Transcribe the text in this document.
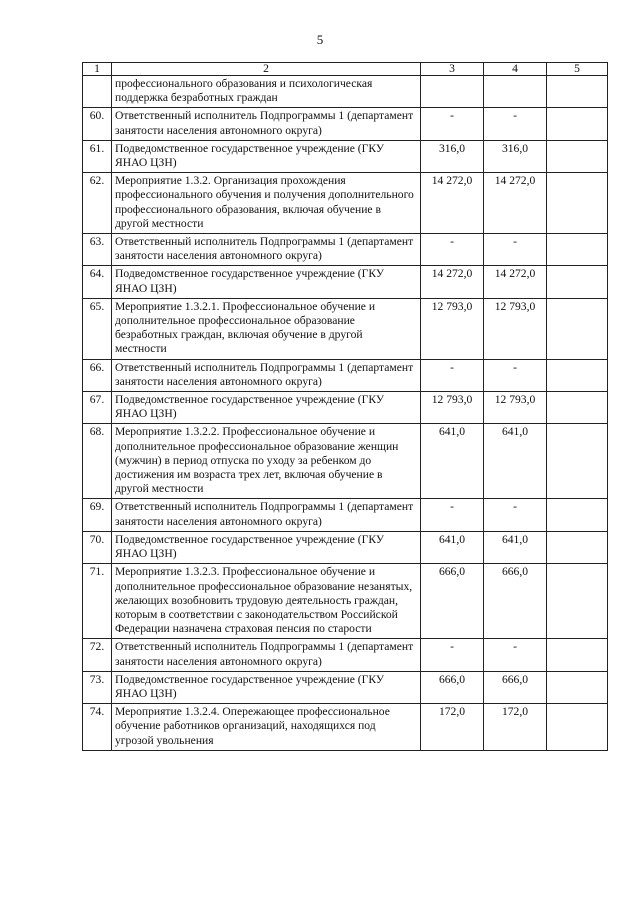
5
1	2	3	4	5
	профессионального образования и психологическая поддержка безработных граждан			
60.	Ответственный исполнитель Подпрограммы 1 (департамент занятости населения автономного округа)	-	-	
61.	Подведомственное государственное учреждение (ГКУ ЯНАО ЦЗН)	316,0	316,0	
62.	Мероприятие 1.3.2. Организация прохождения профессионального обучения и получения дополнительного профессионального образования, включая обучение в другой местности	14 272,0	14 272,0	
63.	Ответственный исполнитель Подпрограммы 1 (департамент занятости населения автономного округа)	-	-	
64.	Подведомственное государственное учреждение (ГКУ ЯНАО ЦЗН)	14 272,0	14 272,0	
65.	Мероприятие 1.3.2.1. Профессиональное обучение и дополнительное профессиональное образование безработных граждан, включая обучение в другой местности	12 793,0	12 793,0	
66.	Ответственный исполнитель Подпрограммы 1 (департамент занятости населения автономного округа)	-	-	
67.	Подведомственное государственное учреждение (ГКУ ЯНАО ЦЗН)	12 793,0	12 793,0	
68.	Мероприятие 1.3.2.2. Профессиональное обучение и дополнительное профессиональное образование женщин (мужчин) в период отпуска по уходу за ребенком до достижения им возраста трех лет, включая обучение в другой местности	641,0	641,0	
69.	Ответственный исполнитель Подпрограммы 1 (департамент занятости населения автономного округа)	-	-	
70.	Подведомственное государственное учреждение (ГКУ ЯНАО ЦЗН)	641,0	641,0	
71.	Мероприятие 1.3.2.3. Профессиональное обучение и дополнительное профессиональное образование незанятых, желающих возобновить трудовую деятельность граждан, которым в соответствии с законодательством Российской Федерации назначена страховая пенсия по старости	666,0	666,0	
72.	Ответственный исполнитель Подпрограммы 1 (департамент занятости населения автономного округа)	-	-	
73.	Подведомственное государственное учреждение (ГКУ ЯНАО ЦЗН)	666,0	666,0	
74.	Мероприятие 1.3.2.4. Опережающее профессиональное обучение работников организаций, находящихся под угрозой увольнения	172,0	172,0	
